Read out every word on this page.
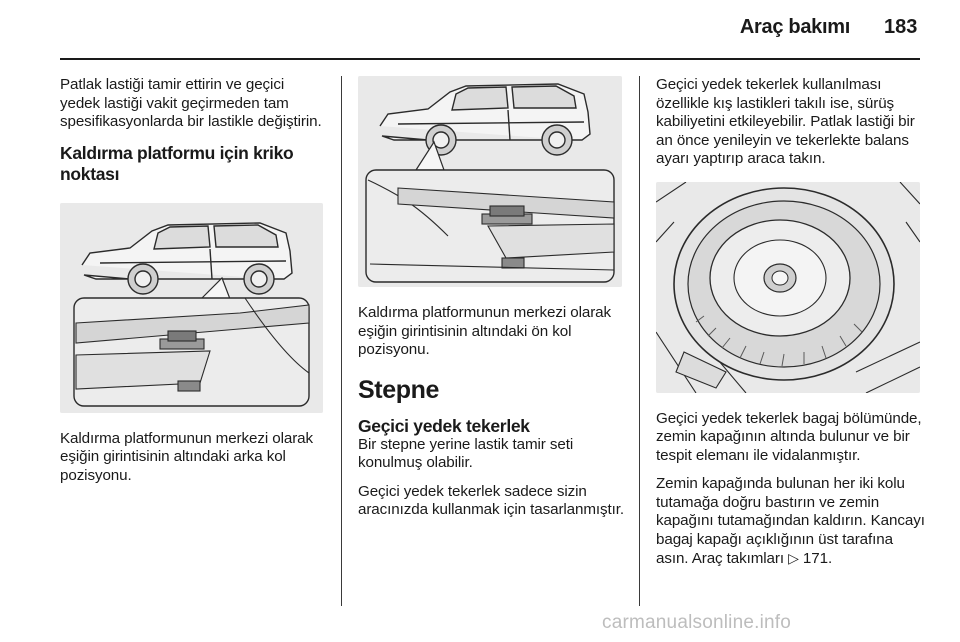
Araç bakımı 183

Patlak lastiği tamir ettirin ve geçici yedek lastiği vakit geçirmeden tam spesifikasyonlarda bir lastikle değiştirin.

Kaldırma platformu için kriko noktası

Kaldırma platformunun merkezi olarak eşiğin girintisinin altındaki arka kol pozisyonu.

Kaldırma platformunun merkezi olarak eşiğin girintisinin altındaki ön kol pozisyonu.

Stepne
Geçici yedek tekerlek

Bir stepne yerine lastik tamir seti konulmuş olabilir.

Geçici yedek tekerlek sadece sizin aracınızda kullanmak için tasarlanmıştır.

Geçici yedek tekerlek kullanılması özellikle kış lastikleri takılı ise, sürüş kabiliyetini etkileyebilir. Patlak lastiği bir an önce yenileyin ve tekerlekte balans ayarı yaptırıp araca takın.

Geçici yedek tekerlek bagaj bölümünde, zemin kapağının altında bulunur ve bir tespit elemanı ile vidalanmıştır.

Zemin kapağında bulunan her iki kolu tutamağa doğru bastırın ve zemin kapağını tutamağından kaldırın. Kancayı bagaj kapağı açıklığının üst tarafına asın. Araç takımları ▷ 171.

carmanualsonline.info
